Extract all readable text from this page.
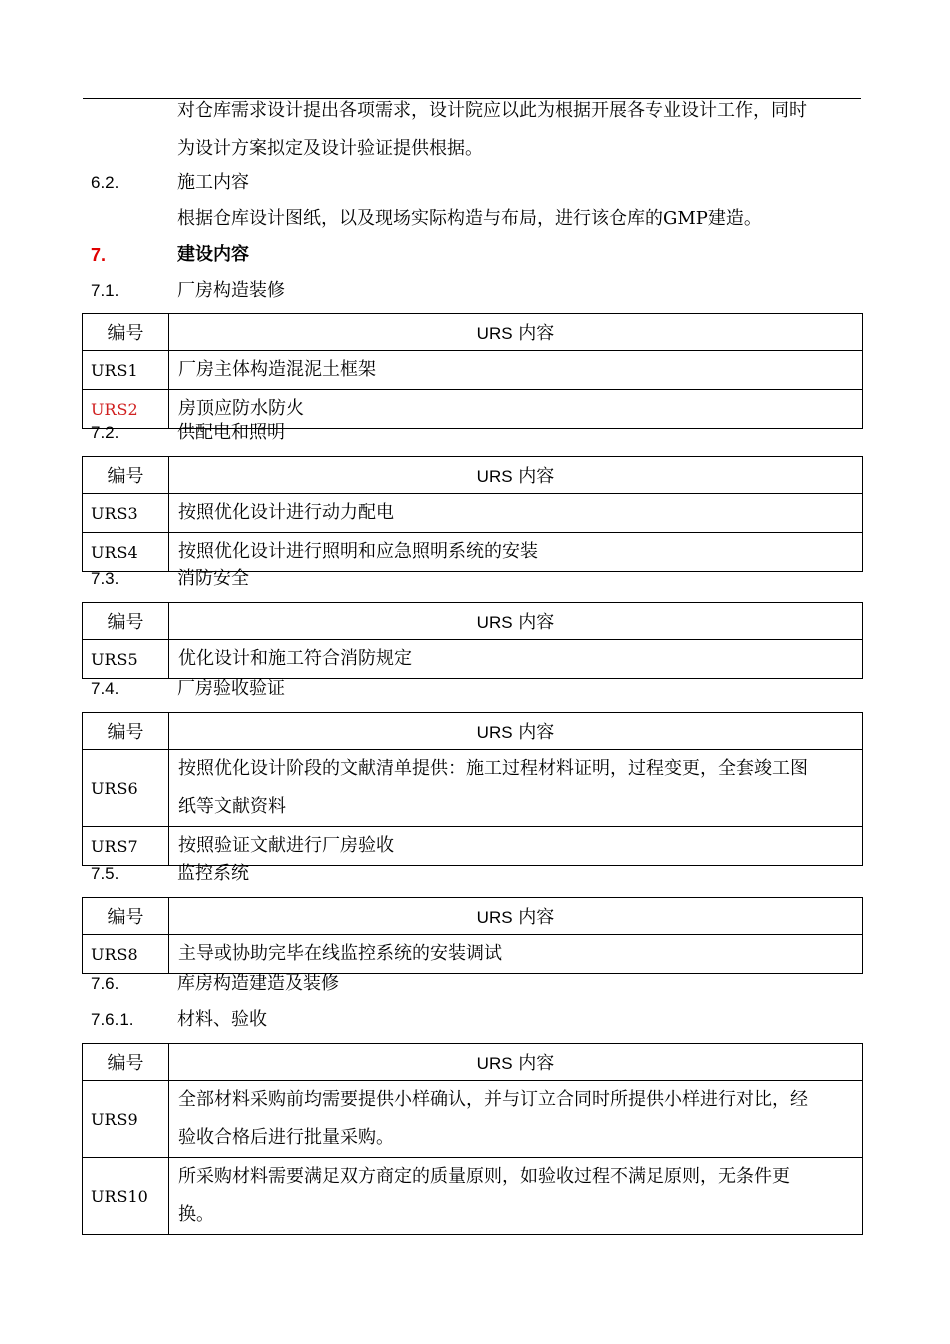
对仓库需求设计提出各项需求，设计院应以此为根据开展各专业设计工作，同时
为设计方案拟定及设计验证提供根据。
6.2.	施工内容
根据仓库设计图纸，以及现场实际构造与布局，进行该仓库的GMP建造。
7.	建设内容
7.1.	厂房构造装修
编号	URS 内容
URS1	厂房主体构造混泥土框架
URS2	房顶应防水防火
7.2.	供配电和照明
编号	URS 内容
URS3	按照优化设计进行动力配电
URS4	按照优化设计进行照明和应急照明系统的安装
7.3.	消防安全
编号	URS 内容
URS5	优化设计和施工符合消防规定
7.4.	厂房验收验证
编号	URS 内容
URS6	按照优化设计阶段的文献清单提供：施工过程材料证明，过程变更，全套竣工图
纸等文献资料

URS7	按照验证文献进行厂房验收
7.5.	监控系统
编号	URS 内容
URS8	主导或协助完毕在线监控系统的安装调试
7.6.	库房构造建造及装修
7.6.1. 材料、验收
编号	URS 内容
URS9	全部材料采购前均需要提供小样确认，并与订立合同时所提供小样进行对比，经
验收合格后进行批量采购。

URS10	所采购材料需要满足双方商定的质量原则，如验收过程不满足原则，无条件更
换。
